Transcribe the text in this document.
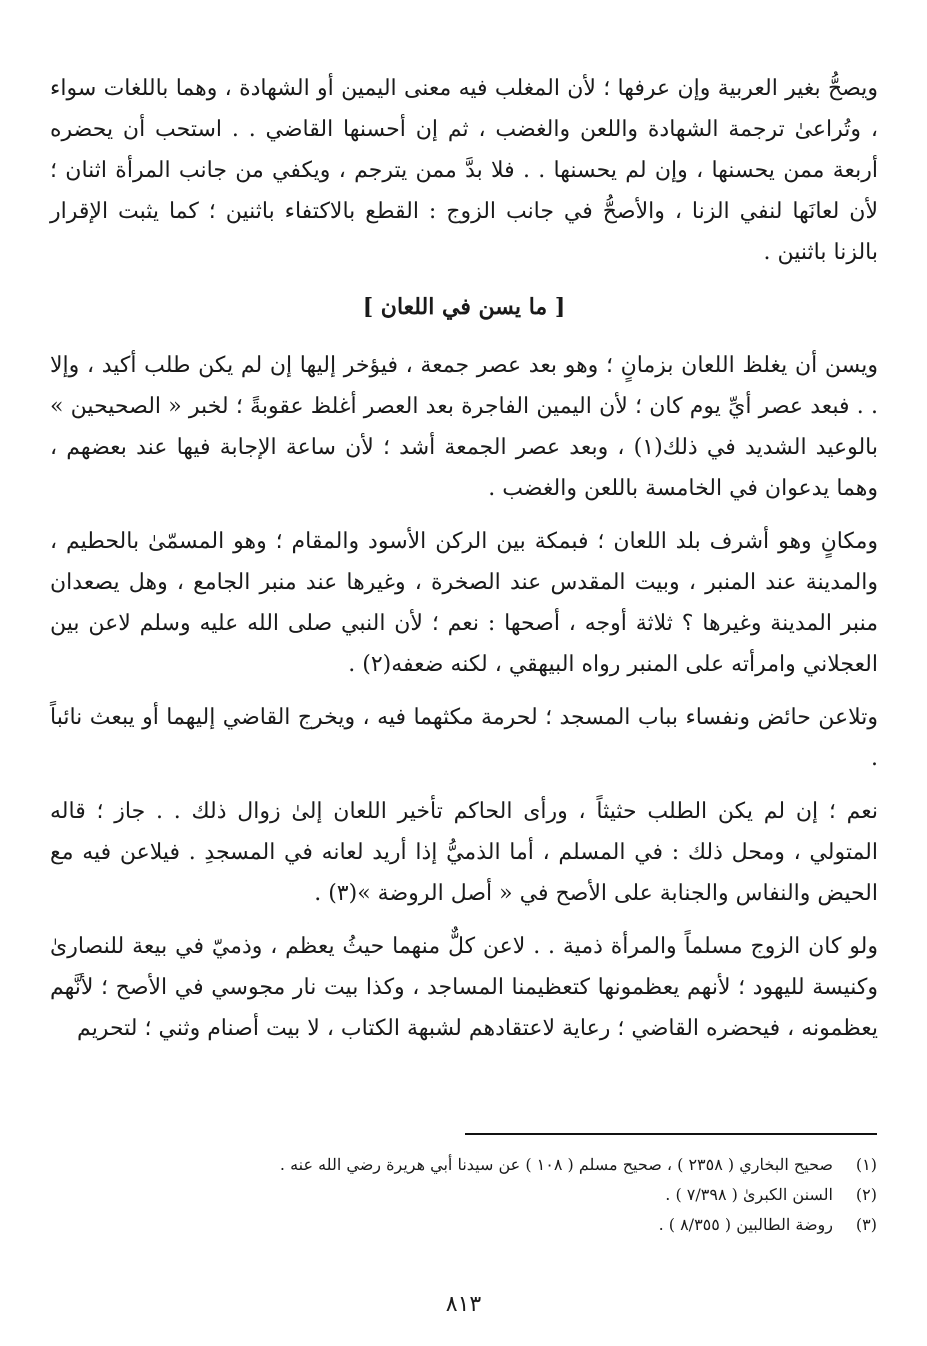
ويصحُّ بغير العربية وإن عرفها ؛ لأن المغلب فيه معنى اليمين أو الشهادة ، وهما باللغات سواء ، وتُراعىٰ ترجمة الشهادة واللعن والغضب ، ثم إن أحسنها القاضي . . استحب أن يحضره أربعة ممن يحسنها ، وإن لم يحسنها . . فلا بدَّ ممن يترجم ، ويكفي من جانب المرأة اثنان ؛ لأن لعانَها لنفي الزنا ، والأصحُّ في جانب الزوج : القطع بالاكتفاء باثنين ؛ كما يثبت الإقرار بالزنا باثنين .

[ ما يسن في اللعان ]

ويسن أن يغلظ اللعان بزمانٍ ؛ وهو بعد عصر جمعة ، فيؤخر إليها إن لم يكن طلب أكيد ، وإلا . . فبعد عصر أيِّ يوم كان ؛ لأن اليمين الفاجرة بعد العصر أغلظ عقوبةً ؛ لخبر « الصحيحين » بالوعيد الشديد في ذلك(١) ، وبعد عصر الجمعة أشد ؛ لأن ساعة الإجابة فيها عند بعضهم ، وهما يدعوان في الخامسة باللعن والغضب .

ومكانٍ وهو أشرف بلد اللعان ؛ فبمكة بين الركن الأسود والمقام ؛ وهو المسمّىٰ بالحطيم ، والمدينة عند المنبر ، وبيت المقدس عند الصخرة ، وغيرها عند منبر الجامع ، وهل يصعدان منبر المدينة وغيرها ؟ ثلاثة أوجه ، أصحها : نعم ؛ لأن النبي صلى الله عليه وسلم لاعن بين العجلاني وامرأته على المنبر رواه البيهقي ، لكنه ضعفه(٢) .

وتلاعن حائض ونفساء بباب المسجد ؛ لحرمة مكثهما فيه ، ويخرج القاضي إليهما أو يبعث نائباً .

نعم ؛ إن لم يكن الطلب حثيثاً ، ورأى الحاكم تأخير اللعان إلىٰ زوال ذلك . . جاز ؛ قاله المتولي ، ومحل ذلك : في المسلم ، أما الذميُّ إذا أريد لعانه في المسجدِ . فيلاعن فيه مع الحيض والنفاس والجنابة على الأصح في « أصل الروضة »(٣) .

ولو كان الزوج مسلماً والمرأة ذمية . . لاعن كلٌّ منهما حيثُ يعظم ، وذميّ في بيعة للنصارىٰ وكنيسة لليهود ؛ لأنهم يعظمونها كتعظيمنا المساجد ، وكذا بيت نار مجوسي في الأصح ؛ لأنَّهم يعظمونه ، فيحضره القاضي ؛ رعاية لاعتقادهم لشبهة الكتاب ، لا بيت أصنام وثني ؛ لتحريم

(١)
صحيح البخاري ( ٢٣٥٨ ) ، صحيح مسلم ( ١٠٨ ) عن سيدنا أبي هريرة رضي الله عنه .
(٢)
السنن الكبرىٰ ( ٧/٣٩٨ ) .
(٣)
روضة الطالبين ( ٨/٣٥٥ ) .
٨١٣
